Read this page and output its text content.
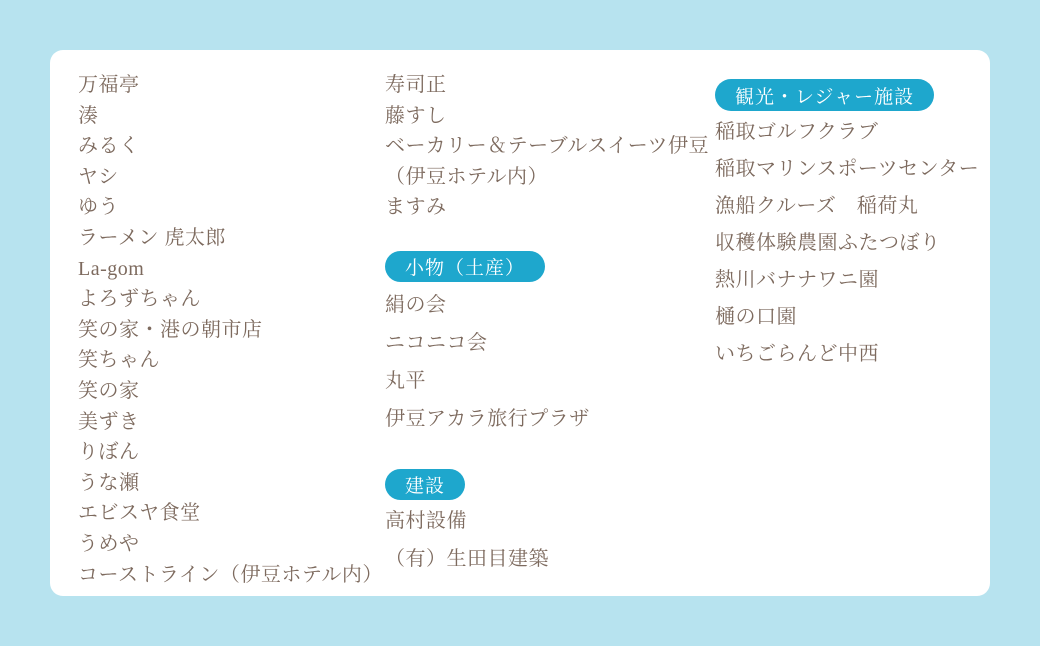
万福亭
湊
みるく
ヤシ
ゆう
ラーメン 虎太郎
La-gom
よろずちゃん
笑の家・港の朝市店
笑ちゃん
笑の家
美ずき
りぼん
うな瀬
エビスヤ食堂
うめや
コーストライン（伊豆ホテル内）
寿司正
藤すし
ベーカリー＆テーブルスイーツ伊豆
（伊豆ホテル内）
ますみ
小物（土産）
絹の会
ニコニコ会
丸平
伊豆アカラ旅行プラザ
建設
高村設備
（有）生田目建築
観光・レジャー施設
稲取ゴルフクラブ
稲取マリンスポーツセンター
漁船クルーズ　稲荷丸
収穫体験農園ふたつぼり
熱川バナナワニ園
樋の口園
いちごらんど中西
